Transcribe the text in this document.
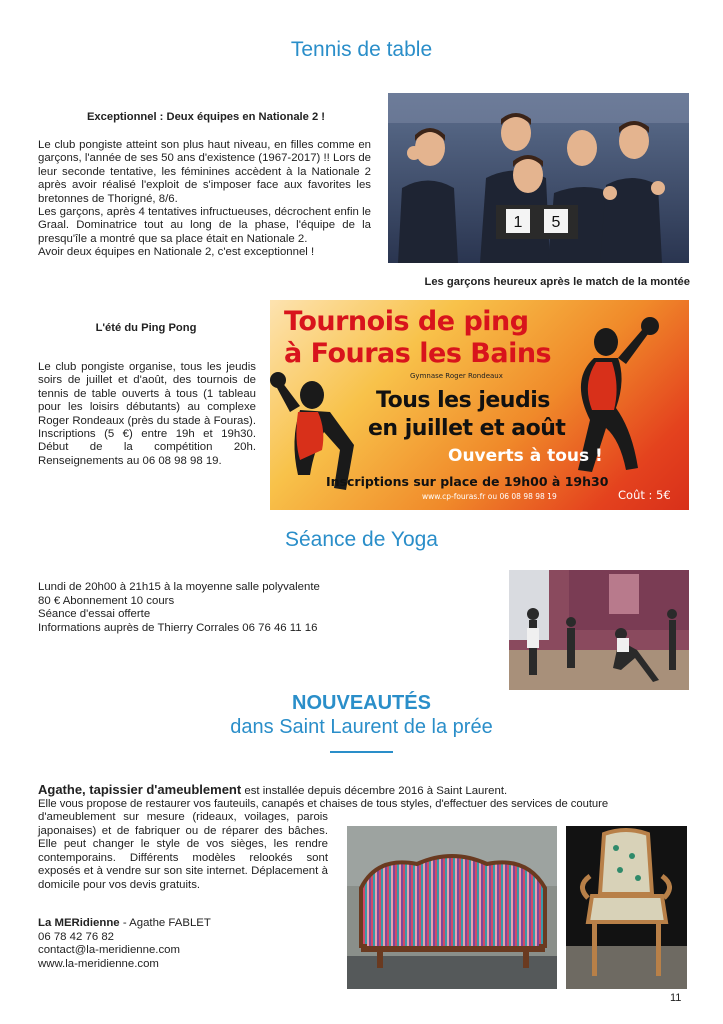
Tennis de table
Exceptionnel : Deux équipes en Nationale 2 !

Le club pongiste atteint son plus haut niveau, en filles comme en garçons, l'année de ses 50 ans d'existence (1967-2017) !! Lors de leur seconde tentative, les féminines accèdent à la Nationale 2 après avoir réalisé l'exploit de s'imposer face aux favorites les bretonnes de Thorigné, 8/6.

Les garçons, après 4 tentatives infructueuses, décrochent enfin le Graal. Dominatrice tout au long de la phase, l'équipe de la presqu'île a montré que sa place était en Nationale 2.

Avoir deux équipes en Nationale 2, c'est exceptionnel !

1 5
Les garçons heureux après le match de la montée
L'été du Ping Pong

Le club pongiste organise, tous les jeudis soirs de juillet et d'août, des tournois de tennis de table ouverts à tous (1 tableau pour les loisirs débutants) au complexe Roger Rondeaux (près du stade à Fouras). Inscriptions (5 €) entre 19h et 19h30. Début de la compétition 20h. Renseignements au 06 08 98 98 19.

Tournois de ping
à Fouras les Bains
Gymnase Roger Rondeaux
Tous les jeudis
en juillet et août
Ouverts à tous !
Inscriptions sur place de 19h00 à 19h30
www.cp-fouras.fr ou 06 08 98 98 19	Coût : 5€
Séance de Yoga
Lundi de 20h00 à 21h15 à la moyenne salle polyvalente
80 € Abonnement 10 cours
Séance d'essai offerte
Informations auprès de Thierry Corrales 06 76 46 11 16
NOUVEAUTÉS
dans Saint Laurent de la prée
Agathe, tapissier d'ameublement est installée depuis décembre 2016 à Saint Laurent.
Elle vous propose de restaurer vos fauteuils, canapés et chaises de tous styles, d'effectuer des services de couture

d'ameublement sur mesure (rideaux, voilages, parois japonaises) et de fabriquer ou de réparer des bâches. Elle peut changer le style de vos sièges, les rendre contemporains. Différents modèles relookés sont exposés et à vendre sur son site internet. Déplacement à domicile pour vos devis gratuits.

La MERidienne - Agathe FABLET
06 78 42 76 82
contact@la-meridienne.com
www.la-meridienne.com
11
